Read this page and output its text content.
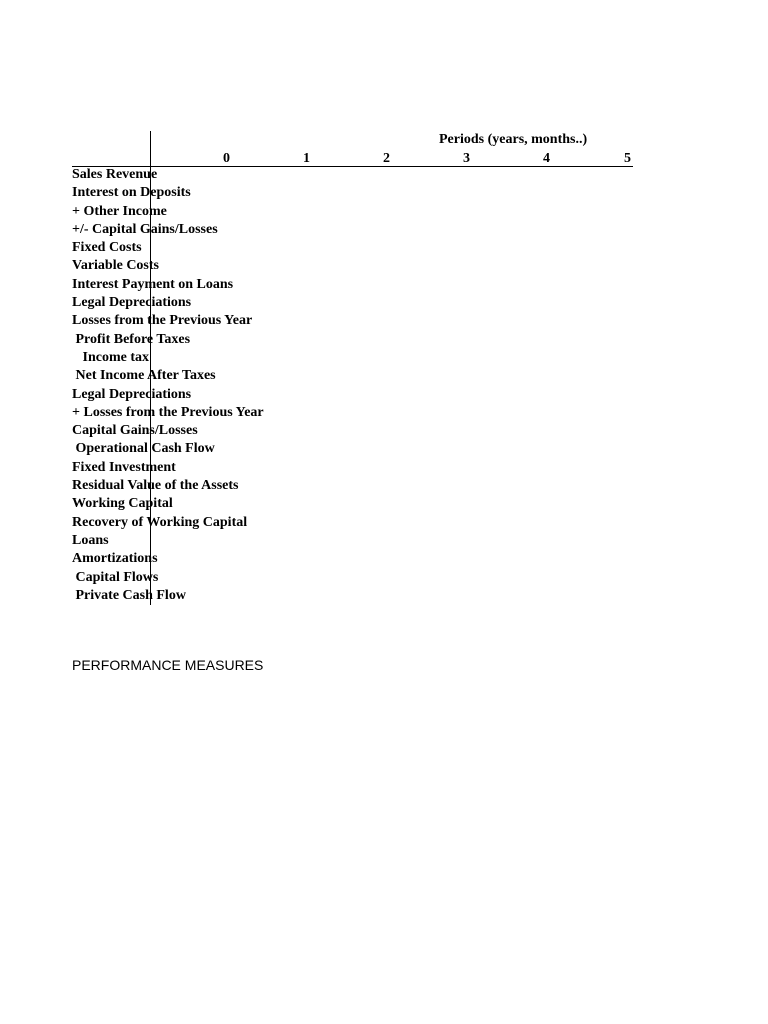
Periods (years, months..)
0	1	2	3	4	5
Sales Revenue
Interest on Deposits
+ Other Income
+/- Capital Gains/Losses
Fixed Costs
Variable Costs
Interest Payment on Loans
Legal Depreciations
Losses from the Previous Year
Profit Before Taxes
Income tax
Net Income After Taxes
Legal Depreciations
+ Losses from the Previous Year
Capital Gains/Losses
Operational Cash Flow
Fixed Investment
Residual Value of the Assets
Working Capital
Recovery of Working Capital
Loans
Amortizations
Capital Flows
Private Cash Flow
PERFORMANCE MEASURES
